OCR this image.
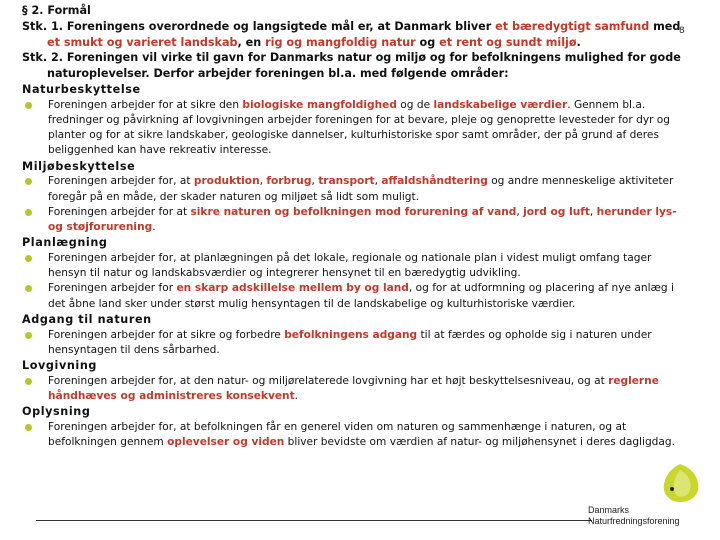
§ 2. Formål

Stk. 1. Foreningens overordnede og langsigtede mål er, at Danmark bliver et bæredygtigt samfund med et smukt og varieret landskab, en rig og mangfoldig natur og et rent og sundt miljø.

Stk. 2. Foreningen vil virke til gavn for Danmarks natur og miljø og for befolkningens mulighed for gode naturoplevelser. Derfor arbejder foreningen bl.a. med følgende områder:

Naturbeskyttelse

Foreningen arbejder for at sikre den biologiske mangfoldighed og de landskabelige værdier. Gennem bl.a. fredninger og påvirkning af lovgivningen arbejder foreningen for at bevare, pleje og genoprette levesteder for dyr og planter og for at sikre landskaber, geologiske dannelser, kulturhistoriske spor samt områder, der på grund af deres beliggenhed kan have rekreativ interesse.

Miljøbeskyttelse

Foreningen arbejder for, at produktion, forbrug, transport, affaldshåndtering og andre menneskelige aktiviteter foregår på en måde, der skader naturen og miljøet så lidt som muligt.

Foreningen arbejder for at sikre naturen og befolkningen mod forurening af vand, jord og luft, herunder lys- og støjforurening.

Planlægning

Foreningen arbejder for, at planlægningen på det lokale, regionale og nationale plan i videst muligt omfang tager hensyn til natur og landskabsværdier og integrerer hensynet til en bæredygtig udvikling.

Foreningen arbejder for en skarp adskillelse mellem by og land, og for at udformning og placering af nye anlæg i det åbne land sker under størst mulig hensyntagen til de landskabelige og kulturhistoriske værdier.

Adgang til naturen

Foreningen arbejder for at sikre og forbedre befolkningens adgang til at færdes og opholde sig i naturen under hensyntagen til dens sårbarhed.

Lovgivning

Foreningen arbejder for, at den natur- og miljørelaterede lovgivning har et højt beskyttelsesniveau, og at reglerne håndhæves og administreres konsekvent.

Oplysning

Foreningen arbejder for, at befolkningen får en generel viden om naturen og sammenhænge i naturen, og at befolkningen gennem oplevelser og viden bliver bevidste om værdien af natur- og miljøhensynet i deres dagligdag.

8
Danmarks
Naturfredningsforening
